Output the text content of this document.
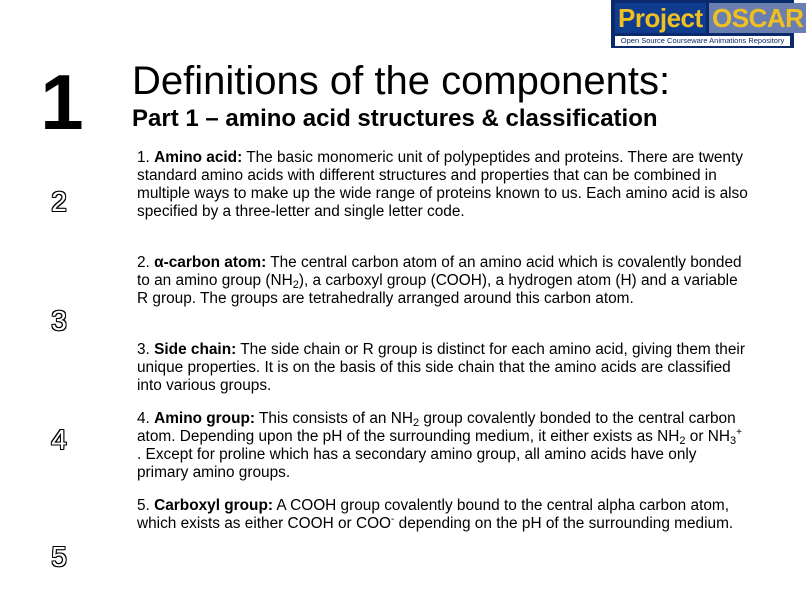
Project OSCAR
Open Source Courseware Animations Repository
1
2
3
4
5
Definitions of the components:
Part 1 – amino acid structures & classification

1. Amino acid: The basic monomeric unit of polypeptides and proteins. There are twenty standard amino acids with different structures and properties that can be combined in multiple ways to make up the wide range of proteins known to us. Each amino acid is also specified by a three-letter and single letter code.

2. α-carbon atom: The central carbon atom of an amino acid which is covalently bonded to an amino group $(NH_2)$, a carboxyl group (COOH), a hydrogen atom (H) and a variable R group. The groups are tetrahedrally arranged around this carbon atom.

3. Side chain: The side chain or R group is distinct for each amino acid, giving them their unique properties. It is on the basis of this side chain that the amino acids are classified into various groups.

4. Amino group: This consists of an $NH_2$ group covalently bonded to the central carbon atom. Depending upon the pH of the surrounding medium, it either exists as $NH_2$ or $NH_3^+$ . Except for proline which has a secondary amino group, all amino acids have only primary amino groups.

5. Carboxyl group: A COOH group covalently bound to the central alpha carbon atom, which exists as either COOH or COO- depending on the pH of the surrounding medium.
